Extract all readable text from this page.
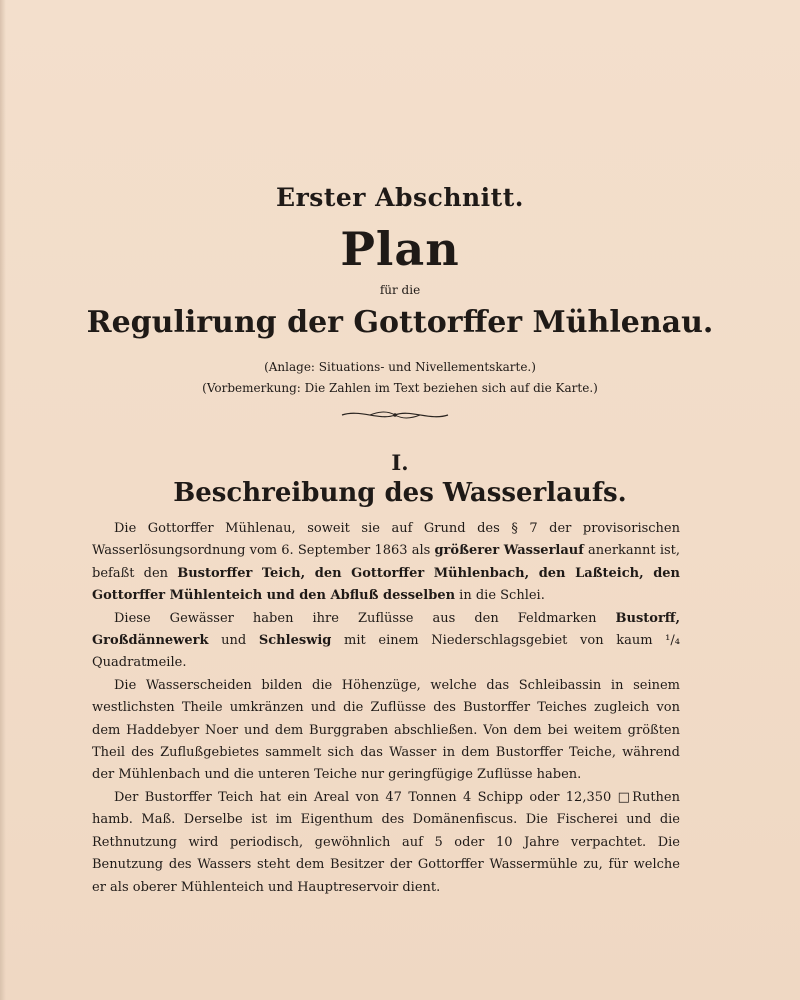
Erster Abschnitt.
Plan
für die
Regulirung der Gottorffer Mühlenau.
(Anlage: Situations- und Nivellementskarte.)
(Vorbemerkung: Die Zahlen im Text beziehen sich auf die Karte.)
I.
Beschreibung des Wasserlaufs.

Die Gottorffer Mühlenau, soweit sie auf Grund des § 7 der provisorischen Wasserlösungsordnung vom 6. September 1863 als größerer Wasserlauf anerkannt ist, befaßt den Bustorffer Teich, den Gottorffer Mühlenbach, den Laßteich, den Gottorffer Mühlenteich und den Abfluß desselben in die Schlei.

Diese Gewässer haben ihre Zuflüsse aus den Feldmarken Bustorff, Großdännewerk und Schleswig mit einem Niederschlagsgebiet von kaum ¹/₄ Quadratmeile.

Die Wasserscheiden bilden die Höhenzüge, welche das Schleibassin in seinem westlichsten Theile umkränzen und die Zuflüsse des Bustorffer Teiches zugleich von dem Haddebyer Noer und dem Burggraben abschließen. Von dem bei weitem größten Theil des Zuflußgebietes sammelt sich das Wasser in dem Bustorffer Teiche, während der Mühlenbach und die unteren Teiche nur geringfügige Zuflüsse haben.

Der Bustorffer Teich hat ein Areal von 47 Tonnen 4 Schipp oder 12,350 □Ruthen hamb. Maß. Derselbe ist im Eigenthum des Domänenfiscus. Die Fischerei und die Rethnutzung wird periodisch, gewöhnlich auf 5 oder 10 Jahre verpachtet. Die Benutzung des Wassers steht dem Besitzer der Gottorffer Wassermühle zu, für welche er als oberer Mühlenteich und Hauptreservoir dient.
